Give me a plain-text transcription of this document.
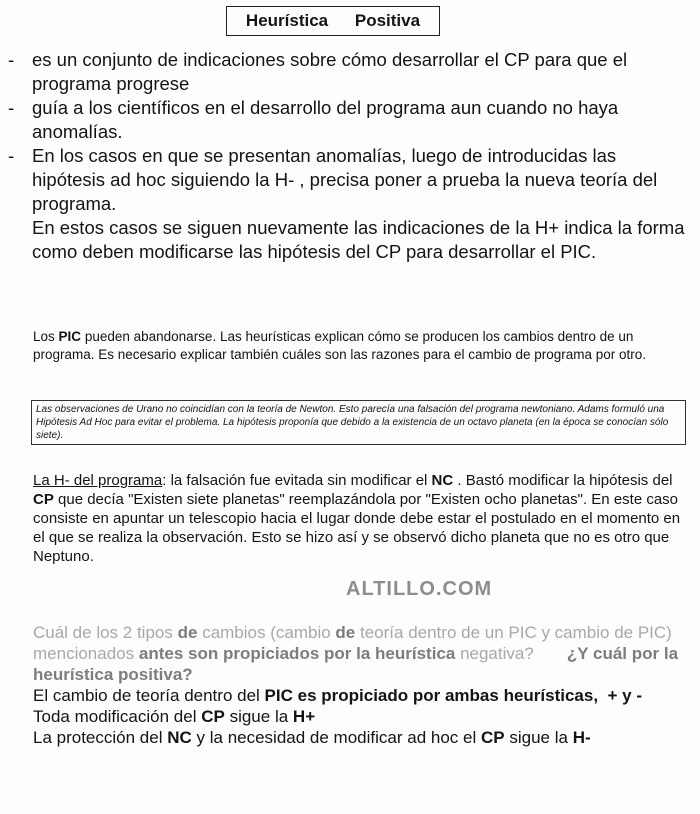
Heurística Positiva
- es un conjunto de indicaciones sobre cómo desarrollar el CP para que el programa progrese

- guía a los científicos en el desarrollo del programa aun cuando no haya anomalías.

- En los casos en que se presentan anomalías, luego de introducidas las hipótesis ad hoc siguiendo la H- , precisa poner a prueba la nueva teoría del programa.

En estos casos se siguen nuevamente las indicaciones de la H+ indica la forma como deben modificarse las hipótesis del CP para desarrollar el PIC.

Los PIC pueden abandonarse. Las heurísticas explican cómo se producen los cambios dentro de un programa. Es necesario explicar también cuáles son las razones para el cambio de programa por otro.

Las observaciones de Urano no coincidían con la teoría de Newton. Esto parecía una falsación del programa newtoniano. Adams formuló una Hipótesis Ad Hoc para evitar el problema. La hipótesis proponía que debido a la existencia de un octavo planeta (en la época se conocían sólo siete).

La H- del programa: la falsación fue evitada sin modificar el NC . Bastó modificar la hipótesis del CP que decía "Existen siete planetas" reemplazándola por "Existen ocho planetas". En este caso consiste en apuntar un telescopio hacia el lugar donde debe estar el postulado en el momento en el que se realiza la observación. Esto se hizo así y se observó dicho planeta que no es otro que Neptuno.

ALTILLO.COM

Cuál de los 2 tipos de cambios (cambio de teoría dentro de un PIC y cambio de PIC) mencionados antes son propiciados por la heurística negativa? ¿Y cuál por la heurística positiva?

El cambio de teoría dentro del PIC es propiciado por ambas heurísticas, + y -

Toda modificación del CP sigue la H+

La protección del NC y la necesidad de modificar ad hoc el CP sigue la H-
